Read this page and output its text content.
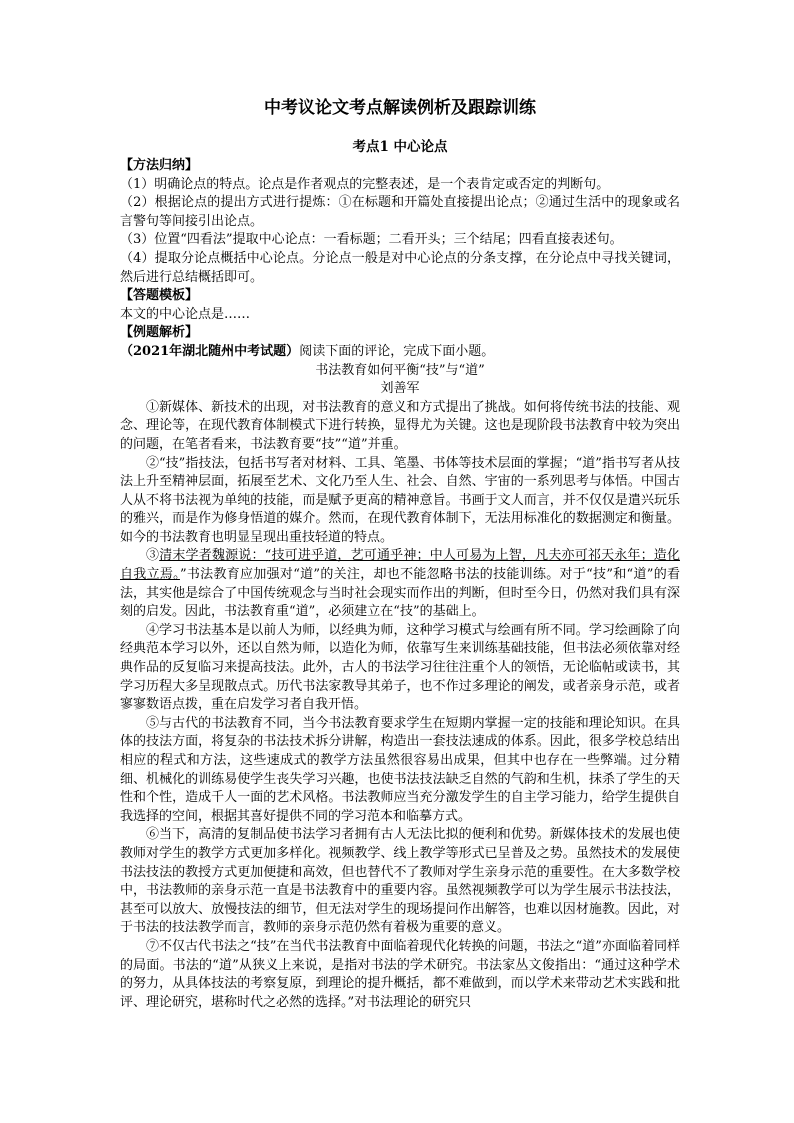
中考议论文考点解读例析及跟踪训练
考点1 中心论点

【方法归纳】

（1）明确论点的特点。论点是作者观点的完整表述，是一个表肯定或否定的判断句。

（2）根据论点的提出方式进行提炼：①在标题和开篇处直接提出论点；②通过生活中的现象或名言警句等间接引出论点。

（3）位置“四看法”提取中心论点：一看标题；二看开头；三个结尾；四看直接表述句。

（4）提取分论点概括中心论点。分论点一般是对中心论点的分条支撑，在分论点中寻找关键词，然后进行总结概括即可。

【答题模板】

本文的中心论点是……

【例题解析】

（2021年湖北随州中考试题）阅读下面的评论，完成下面小题。

书法教育如何平衡“技”与“道”

刘善军

①新媒体、新技术的出现，对书法教育的意义和方式提出了挑战。如何将传统书法的技能、观念、理论等，在现代教育体制模式下进行转换，显得尤为关键。这也是现阶段书法教育中较为突出的问题，在笔者看来，书法教育要“技”“道”并重。

②“技”指技法，包括书写者对材料、工具、笔墨、书体等技术层面的掌握；“道”指书写者从技法上升至精神层面，拓展至艺术、文化乃至人生、社会、自然、宇宙的一系列思考与体悟。中国古人从不将书法视为单纯的技能，而是赋予更高的精神意旨。书画于文人而言，并不仅仅是遣兴玩乐的雅兴，而是作为修身悟道的媒介。然而，在现代教育体制下，无法用标准化的数据测定和衡量。如今的书法教育也明显呈现出重技轻道的特点。

③清末学者魏源说：“技可进乎道，艺可通乎神；中人可易为上智，凡夫亦可祁天永年；造化自我立焉。”书法教育应加强对“道”的关注，却也不能忽略书法的技能训练。对于“技”和“道”的看法，其实他是综合了中国传统观念与当时社会现实而作出的判断，但时至今日，仍然对我们具有深刻的启发。因此，书法教育重“道”，必须建立在“技”的基础上。

④学习书法基本是以前人为师，以经典为师，这种学习模式与绘画有所不同。学习绘画除了向经典范本学习以外，还以自然为师，以造化为师，依靠写生来训练基础技能，但书法必须依靠对经典作品的反复临习来提高技法。此外，古人的书法学习往往注重个人的领悟，无论临帖或读书，其学习历程大多呈现散点式。历代书法家教导其弟子，也不作过多理论的阐发，或者亲身示范，或者寥寥数语点拨，重在启发学习者自我开悟。

⑤与古代的书法教育不同，当今书法教育要求学生在短期内掌握一定的技能和理论知识。在具体的技法方面，将复杂的书法技术拆分讲解，构造出一套技法速成的体系。因此，很多学校总结出相应的程式和方法，这些速成式的教学方法虽然很容易出成果，但其中也存在一些弊端。过分精细、机械化的训练易使学生丧失学习兴趣，也使书法技法缺乏自然的气韵和生机，抹杀了学生的天性和个性，造成千人一面的艺术风格。书法教师应当充分激发学生的自主学习能力，给学生提供自我选择的空间，根据其喜好提供不同的学习范本和临摹方式。

⑥当下，高清的复制品使书法学习者拥有古人无法比拟的便利和优势。新媒体技术的发展也使教师对学生的教学方式更加多样化。视频教学、线上教学等形式已呈普及之势。虽然技术的发展使书法技法的教授方式更加便捷和高效，但也替代不了教师对学生亲身示范的重要性。在大多数学校中，书法教师的亲身示范一直是书法教育中的重要内容。虽然视频教学可以为学生展示书法技法，甚至可以放大、放慢技法的细节，但无法对学生的现场提问作出解答，也难以因材施教。因此，对于书法的技法教学而言，教师的亲身示范仍然有着极为重要的意义。

⑦不仅古代书法之“技”在当代书法教育中面临着现代化转换的问题，书法之“道”亦面临着同样的局面。书法的“道”从狭义上来说，是指对书法的学术研究。书法家丛文俊指出：“通过这种学术的努力，从具体技法的考察复原，到理论的提升概括，都不难做到，而以学术来带动艺术实践和批评、理论研究，堪称时代之必然的选择。”对书法理论的研究只
